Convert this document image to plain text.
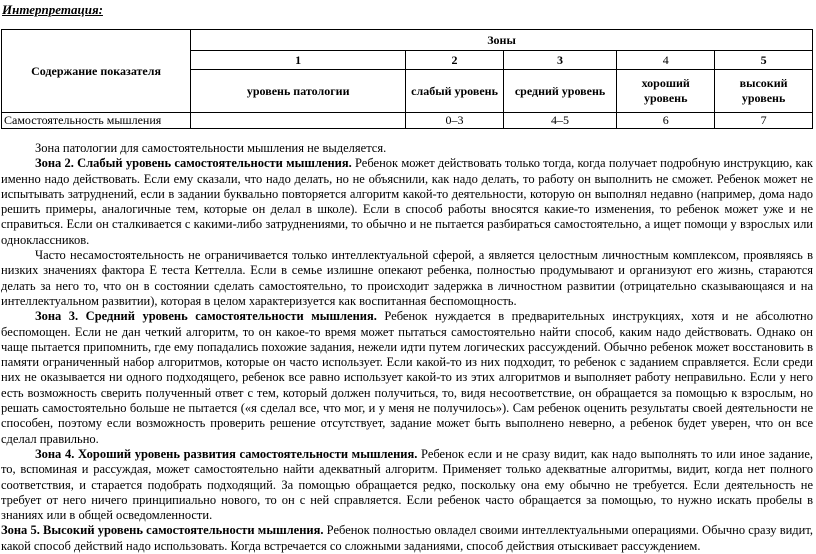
Интерпретация:
Содержание показателя	Зоны				
	1	2	3	4	5
	уровень патологии	слабый уровень	средний уровень	хороший уровень	высокий уровень
Самостоятельность мышления		0–3	4–5	6	7

Зона патологии для самостоятельности мышления не выделяется.

Зона 2. Слабый уровень самостоятельности мышления. Ребенок может действовать только тогда, когда получает подробную инструкцию, как именно надо действовать. Если ему сказали, что надо делать, но не объяснили, как надо делать, то работу он выполнить не сможет. Ребенок может не испытывать затруднений, если в задании буквально повторяется алгоритм какой-то деятельности, которую он выполнял недавно (например, дома надо решить примеры, аналогичные тем, которые он делал в школе). Если в способ работы вносятся какие-то изменения, то ребенок может уже и не справиться. Если он сталкивается с какими-либо затруднениями, то обычно и не пытается разбираться самостоятельно, а ищет помощи у взрослых или одноклассников.

Часто несамостоятельность не ограничивается только интеллектуальной сферой, а является целостным личностным комплексом, проявляясь в низких значениях фактора Е теста Кеттелла. Если в семье излишне опекают ребенка, полностью продумывают и организуют его жизнь, стараются делать за него то, что он в состоянии сделать самостоятельно, то происходит задержка в личностном развитии (отрицательно сказывающаяся и на интеллектуальном развитии), которая в целом характеризуется как воспитанная беспомощность.

Зона 3. Средний уровень самостоятельности мышления. Ребенок нуждается в предварительных инструкциях, хотя и не абсолютно беспомощен. Если не дан четкий алгоритм, то он какое-то время может пытаться самостоятельно найти способ, каким надо действовать. Однако он чаще пытается припомнить, где ему попадались похожие задания, нежели идти путем логических рассуждений. Обычно ребенок может восстановить в памяти ограниченный набор алгоритмов, которые он часто использует. Если какой-то из них подходит, то ребенок с заданием справляется. Если среди них не оказывается ни одного подходящего, ребенок все равно использует какой-то из этих алгоритмов и выполняет работу неправильно. Если у него есть возможность сверить полученный ответ с тем, который должен получиться, то, видя несоответствие, он обращается за помощью к взрослым, но решать самостоятельно больше не пытается («я сделал все, что мог, и у меня не получилось»). Сам ребенок оценить результаты своей деятельности не способен, поэтому если возможность проверить решение отсутствует, задание может быть выполнено неверно, а ребенок будет уверен, что он все сделал правильно.

Зона 4. Хороший уровень развития самостоятельности мышления. Ребенок если и не сразу видит, как надо выполнять то или иное задание, то, вспоминая и рассуждая, может самостоятельно найти адекватный алгоритм. Применяет только адекватные алгоритмы, видит, когда нет полного соответствия, и старается подобрать подходящий. За помощью обращается редко, поскольку она ему обычно не требуется. Если деятельность не требует от него ничего принципиально нового, то он с ней справляется. Если ребенок часто обращается за помощью, то нужно искать пробелы в знаниях или в общей осведомленности.

Зона 5. Высокий уровень самостоятельности мышления. Ребенок полностью овладел своими интеллектуальными операциями. Обычно сразу видит, какой способ действий надо использовать. Когда встречается со сложными заданиями, способ действия отыскивает рассуждением.
